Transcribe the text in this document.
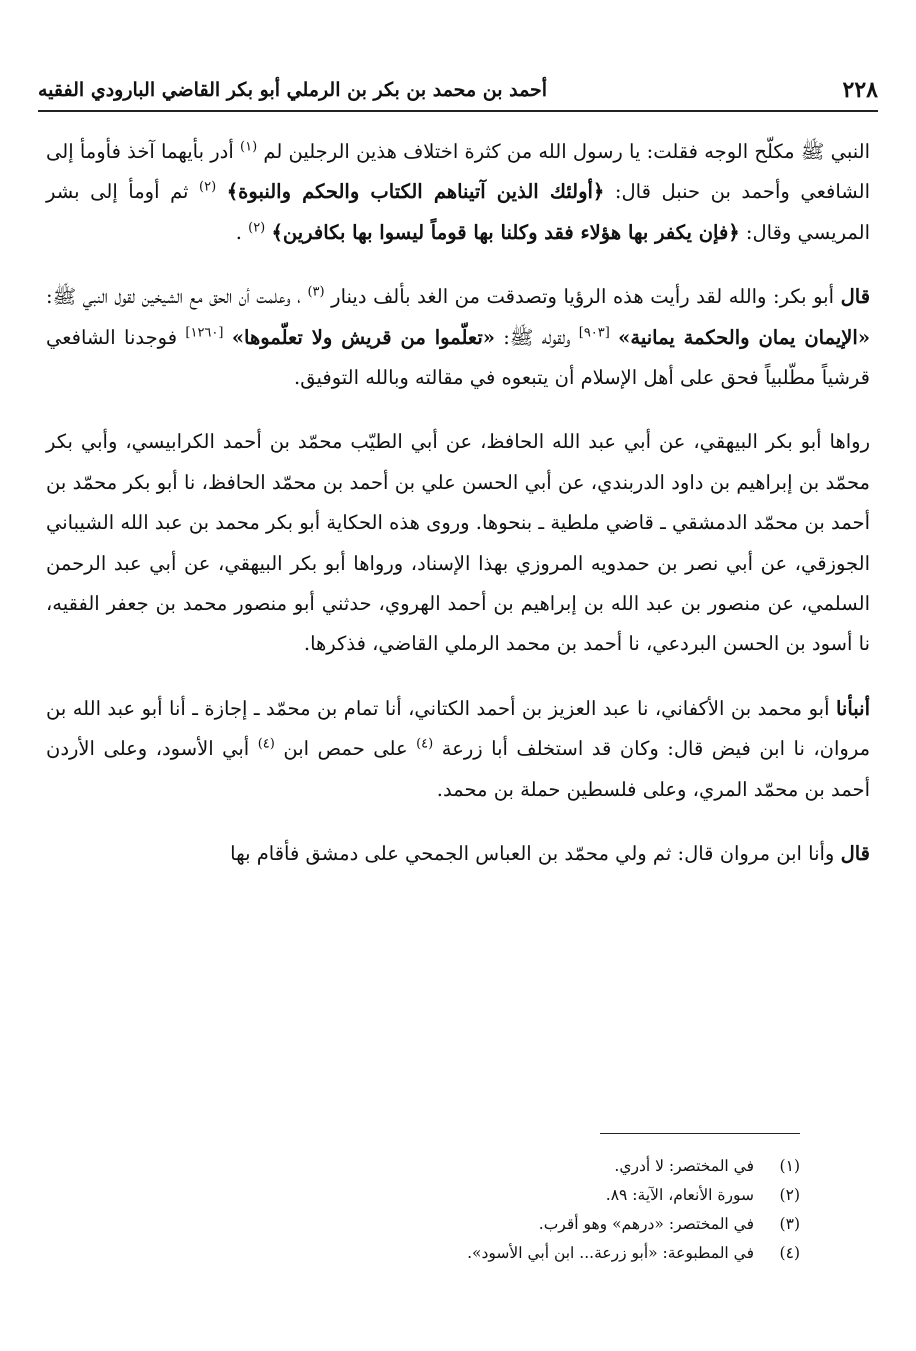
٢٢٨
أحمد بن محمد بن بكر بن الرملي أبو بكر القاضي البارودي الفقيه

النبي ﷺ مكلّح الوجه فقلت: يا رسول الله من كثرة اختلاف هذين الرجلين لم $^{(١)}$ أدر بأيهما آخذ فأومأ إلى الشافعي وأحمد بن حنبل قال: ﴿أولئك الذين آتيناهم الكتاب والحكم والنبوة﴾ $^{(٢)}$ ثم أومأ إلى بشر المريسي وقال: ﴿فإن يكفر بها هؤلاء فقد وكلنا بها قوماً ليسوا بها بكافرين﴾ $^{(٢)}$ .

قال أبو بكر: والله لقد رأيت هذه الرؤيا وتصدقت من الغد بألف دينار $^{(٣)}$ ، وعلمت أن الحق مع الشيخين لقول النبي ﷺ: «الإيمان يمان والحكمة يمانية» [٩٠٣] ولقوله ﷺ: «تعلّموا من قريش ولا تعلّموها» [١٢٦٠] فوجدنا الشافعي قرشياً مطّلبياً فحق على أهل الإسلام أن يتبعوه في مقالته وبالله التوفيق.

رواها أبو بكر البيهقي، عن أبي عبد الله الحافظ، عن أبي الطيّب محمّد بن أحمد الكرابيسي، وأبي بكر محمّد بن إبراهيم بن داود الدربندي، عن أبي الحسن علي بن أحمد بن محمّد الحافظ، نا أبو بكر محمّد بن أحمد بن محمّد الدمشقي ـ قاضي ملطية ـ بنحوها. وروى هذه الحكاية أبو بكر محمد بن عبد الله الشيباني الجوزقي، عن أبي نصر بن حمدويه المروزي بهذا الإسناد، ورواها أبو بكر البيهقي، عن أبي عبد الرحمن السلمي، عن منصور بن عبد الله بن إبراهيم بن أحمد الهروي، حدثني أبو منصور محمد بن جعفر الفقيه، نا أسود بن الحسن البردعي، نا أحمد بن محمد الرملي القاضي، فذكرها.

أنبأنا أبو محمد بن الأكفاني، نا عبد العزيز بن أحمد الكتاني، أنا تمام بن محمّد ـ إجازة ـ أنا أبو عبد الله بن مروان، نا ابن فيض قال: وكان قد استخلف أبا زرعة $^{(٤)}$ على حمص ابن $^{(٤)}$ أبي الأسود، وعلى الأردن أحمد بن محمّد المري، وعلى فلسطين حملة بن محمد.

قال وأنا ابن مروان قال: ثم ولي محمّد بن العباس الجمحي على دمشق فأقام بها

(١)
في المختصر: لا أدري.
(٢)
سورة الأنعام، الآية: ٨٩.
(٣)
في المختصر: «درهم» وهو أقرب.
(٤)
في المطبوعة: «أبو زرعة... ابن أبي الأسود».
